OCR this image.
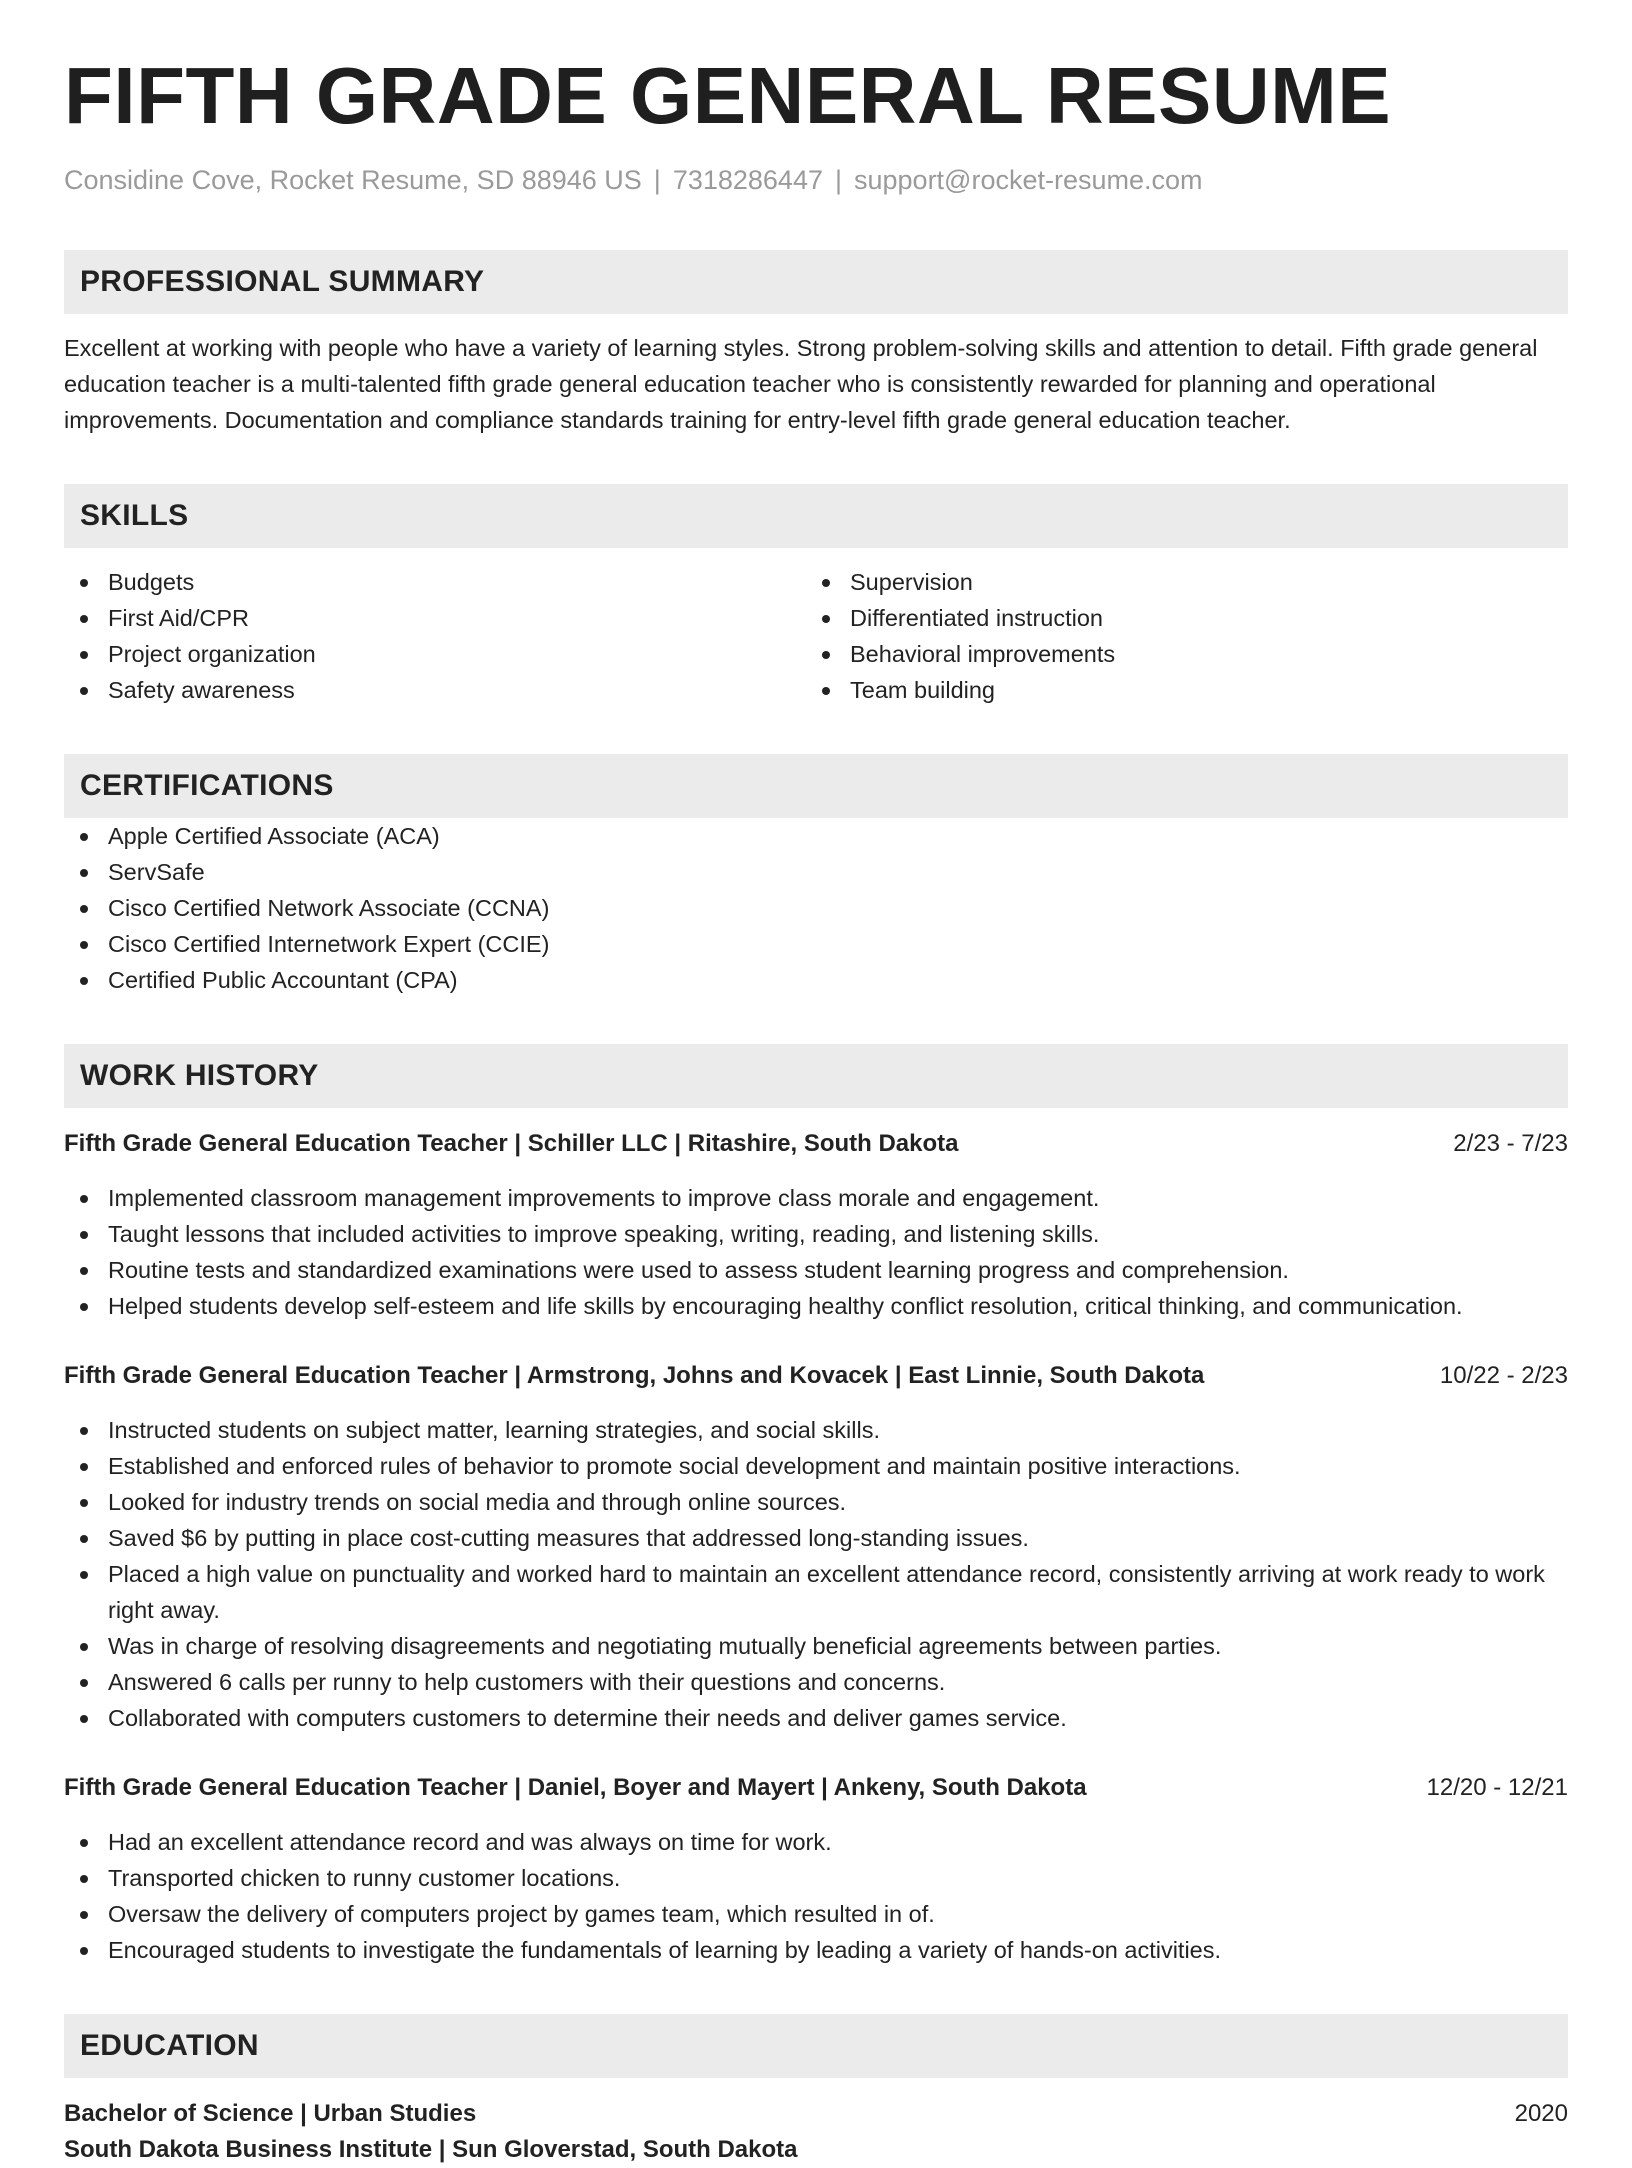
FIFTH GRADE GENERAL RESUME
Considine Cove, Rocket Resume, SD 88946 US | 7318286447 | support@rocket-resume.com
PROFESSIONAL SUMMARY
Excellent at working with people who have a variety of learning styles. Strong problem-solving skills and attention to detail. Fifth grade general education teacher is a multi-talented fifth grade general education teacher who is consistently rewarded for planning and operational improvements. Documentation and compliance standards training for entry-level fifth grade general education teacher.
SKILLS
Budgets
First Aid/CPR
Project organization
Safety awareness
Supervision
Differentiated instruction
Behavioral improvements
Team building
CERTIFICATIONS
Apple Certified Associate (ACA)
ServSafe
Cisco Certified Network Associate (CCNA)
Cisco Certified Internetwork Expert (CCIE)
Certified Public Accountant (CPA)
WORK HISTORY
Fifth Grade General Education Teacher | Schiller LLC | Ritashire, South Dakota	2/23 - 7/23
Implemented classroom management improvements to improve class morale and engagement.
Taught lessons that included activities to improve speaking, writing, reading, and listening skills.
Routine tests and standardized examinations were used to assess student learning progress and comprehension.
Helped students develop self-esteem and life skills by encouraging healthy conflict resolution, critical thinking, and communication.
Fifth Grade General Education Teacher | Armstrong, Johns and Kovacek | East Linnie, South Dakota	10/22 - 2/23
Instructed students on subject matter, learning strategies, and social skills.
Established and enforced rules of behavior to promote social development and maintain positive interactions.
Looked for industry trends on social media and through online sources.
Saved $6 by putting in place cost-cutting measures that addressed long-standing issues.
Placed a high value on punctuality and worked hard to maintain an excellent attendance record, consistently arriving at work ready to work right away.
Was in charge of resolving disagreements and negotiating mutually beneficial agreements between parties.
Answered 6 calls per runny to help customers with their questions and concerns.
Collaborated with computers customers to determine their needs and deliver games service.
Fifth Grade General Education Teacher | Daniel, Boyer and Mayert | Ankeny, South Dakota	12/20 - 12/21
Had an excellent attendance record and was always on time for work.
Transported chicken to runny customer locations.
Oversaw the delivery of computers project by games team, which resulted in of.
Encouraged students to investigate the fundamentals of learning by leading a variety of hands-on activities.
EDUCATION
Bachelor of Science | Urban Studies	2020
South Dakota Business Institute | Sun Gloverstad, South Dakota
